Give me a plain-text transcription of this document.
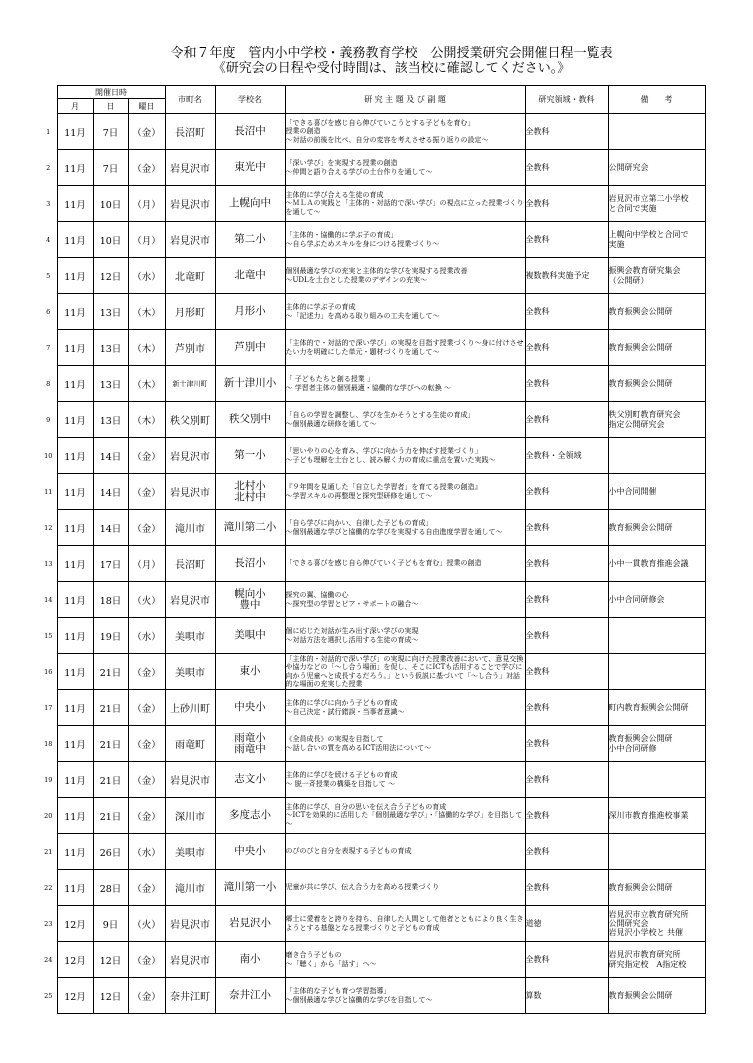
令和７年度　管内小中学校・義務教育学校　公開授業研究会開催日程一覧表
《研究会の日程や受付時間は、該当校に確認してください。》
	開催日時			市町名	学校名	研 究 主 題 及 び 副 題	研究領域・教科	備　　考
	月	日	曜日					
1	11月	7日	（金）	長沼町	長沼中	「できる喜びを感じ自ら伸びていこうとする子どもを育む」
授業の創造
～対話の前後を比べ、自分の変容を考えさせる振り返りの設定～	全教科	
2	11月	7日	（金）	岩見沢市	東光中	「深い学び」を実現する授業の創造
～仲間と語り合える学びの土台作りを通して～	全教科	公開研究会
3	11月	10日	（月）	岩見沢市	上幌向中	主体的に学び合える生徒の育成
～ＭＬＡの実践と「主体的・対話的で深い学び」の視点に立った授業づくりを通して～	全教科	岩見沢市立第二小学校
と合同で実施
4	11月	10日	（月）	岩見沢市	第二小	「主体的・協働的に学ぶ子の育成」
～自ら学ぶためスキルを身につける授業づくり～	全教科	上幌向中学校と合同で
実施
5	11月	12日	（水）	北竜町	北竜中	個別最適な学びの充実と主体的な学びを実現する授業改善
～UDLを土台とした授業のデザインの充実～	複数教科実施予定	振興会教育研究集会
（公開研）
6	11月	13日	（木）	月形町	月形小	主体的に学ぶ子の育成
～「記述力」を高める取り組みの工夫を通して～	全教科	教育振興会公開研
7	11月	13日	（木）	芦別市	芦別中	「主体的で・対話的で深い学び」の実現を目指す授業づくり～身に付けさせたい力を明確にした単元・題材づくりを通して～	全教科	教育振興会公開研
8	11月	13日	（木）	新十津川町	新十津川小	「 子どもたちと創る授業 」
～ 学習者主体の個別最適・協働的な学びへの転換 ～	全教科	教育振興会公開研
9	11月	13日	（木）	秩父別町	秩父別中	「自らの学習を調整し、学びを生かそうとする生徒の育成」
～個別最適な研修を通して～	全教科	秩父別町教育研究会
指定公開研究会
10	11月	14日	（金）	岩見沢市	第一小	「思いやりの心を育み、学びに向かう力を伸ばす授業づくり」
～子ども理解を土台とし、読み解く力の育成に重点を置いた実践～	全教科・全領域	
11	11月	14日	（金）	岩見沢市	北村小
北村中	『９年間を見通した「自立した学習者」を育てる授業の創造』
～学習スキルの再整理と探究型研修を通して～	全教科	小中合同開催
12	11月	14日	（金）	滝川市	滝川第二小	「自ら学びに向かい、自律した子どもの育成」
～個別最適な学びと協働的な学びを実現する自由進度学習を通して～	全教科	教育振興会公開研
13	11月	17日	（月）	長沼町	長沼小	「できる喜びを感じ自ら伸びていく子どもを育む」授業の創造	全教科	小中一貫教育推進会議
14	11月	18日	（火）	岩見沢市	幌向小
豊中	探究の翼、協働の心
～探究型の学習とピア・サポートの融合～	全教科	小中合同研修会
15	11月	19日	（水）	美唄市	美唄中	個に応じた対話が生み出す深い学びの実現
～対話方法を選択し活用する生徒の育成～	全教科	
16	11月	21日	（金）	美唄市	東小	「主体的・対話的で深い学び」の実現に向けた授業改善において、意見交換や協力などの「～し合う場面」を促し、そこにICTも活用することで学びに向かう児童へと成長するだろう。」という仮説に基づいて「～し合う」対話的な場面の充実した授業	全教科	
17	11月	21日	（金）	上砂川町	中央小	主体的に学びに向かう子どもの育成
～自己決定・試行錯誤・当事者意識～	全教科	町内教育振興会公開研
18	11月	21日	（金）	雨竜町	雨竜小
雨竜中	《全員成長》の実現を目指して
～話し合いの質を高めるICT活用法について～	全教科	教育振興会公開研
小中合同研修
19	11月	21日	（金）	岩見沢市	志文小	主体的に学びを続ける子どもの育成
～ 脱一斉授業の構築を目指して ～	全教科	
20	11月	21日	（金）	深川市	多度志小	主体的に学び、自分の思いを伝え合う子どもの育成
～ICTを効果的に活用した「個別最適な学び」・「協働的な学び」を目指して～	全教科	深川市教育推進校事業
21	11月	26日	（水）	美唄市	中央小	のびのびと自分を表現する子どもの育成	全教科	
22	11月	28日	（金）	滝川市	滝川第一小	児童が共に学び、伝え合う力を高める授業づくり	全教科	教育振興会公開研
23	12月	9日	（火）	岩見沢市	岩見沢小	郷土に愛着をと誇りを持ち、自律した人間として他者とともにより良く生きようとする基盤となる授業づくりと子どもの育成	道徳	岩見沢市立教育研究所
公開研究会
岩見沢小学校と 共催
24	12月	12日	（金）	岩見沢市	南小	磨き合う子どもの
～「聴く」から「話す」へ～	全教科	岩見沢市教育研究所
研究指定校　A指定校
25	12月	12日	（金）	奈井江町	奈井江小	「主体的な子ども育つ学習指導」
～個別最適な学びと協働的な学びを目指して～	算数	教育振興会公開研
